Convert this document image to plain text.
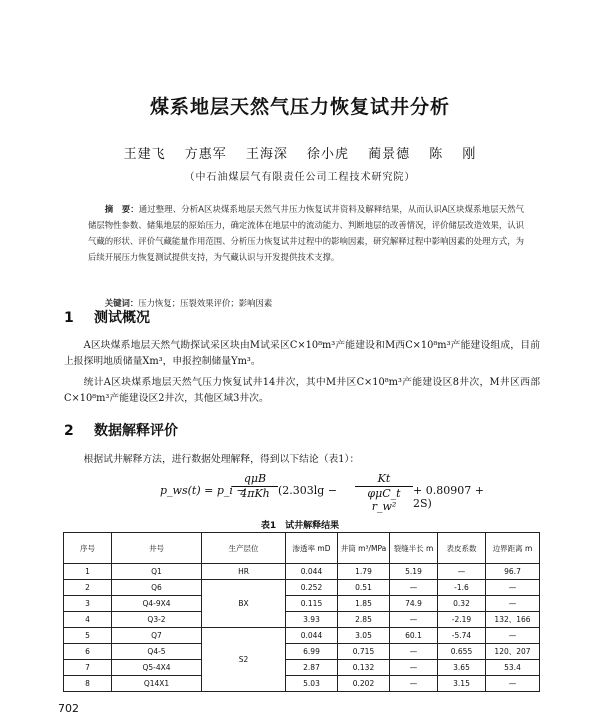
煤系地层天然气压力恢复试井分析
王建飞 方惠军 王海深 徐小虎 蔺景德 陈 刚
（中石油煤层气有限责任公司工程技术研究院）
摘　要：通过整理、分析A区块煤系地层天然气井压力恢复试井资料及解释结果，从而认识A区块煤系地层天然气储层物性参数、储集地层的原始压力，确定流体在地层中的流动能力、判断地层的改善情况，评价储层改造效果，认识气藏的形状、评价气藏能量作用范围、分析压力恢复试井过程中的影响因素，研究解释过程中影响因素的处理方式，为后续开展压力恢复测试提供支持，为气藏认识与开发提供技术支撑。
关键词：压力恢复；压裂效果评价；影响因素
1 测试概况
A区块煤系地层天然气勘探试采区块由M试采区C×10⁸m³产能建设和M西C×10⁸m³产能建设组成，目前上报探明地质储量Xm³，申报控制储量Ym³。
统计A区块煤系地层天然气压力恢复试井14井次，其中M井区C×10⁸m³产能建设区8井次，M井区西部C×10⁸m³产能建设区2井次，其他区域3井次。
2 数据解释评价
根据试井解释方法，进行数据处理解释，得到以下结论（表1）：
p_ws(t) = p_i −
qμB
4πKh (2.303lg −
Kt
φμC_t r_w²
+ 0.80907 + 2S)
表1　试井解释结果
序号	井号	生产层位	渗透率 mD	井筒 m³/MPa	裂缝半长 m	表皮系数	边界距离 m
1	Q1	HR	0.044	1.79	5.19	—	96.7
2	Q6	BX	0.252	0.51	—	-1.6	—
3	Q4-9X4		0.115	1.85	74.9	0.32	—
4	Q3-2		3.93	2.85	—	-2.19	132、166
5	Q7	S2	0.044	3.05	60.1	-5.74	—
6	Q4-5		6.99	0.715	—	0.655	120、207
7	Q5-4X4		2.87	0.132	—	3.65	53.4
8	Q14X1		5.03	0.202	—	3.15	—
702
